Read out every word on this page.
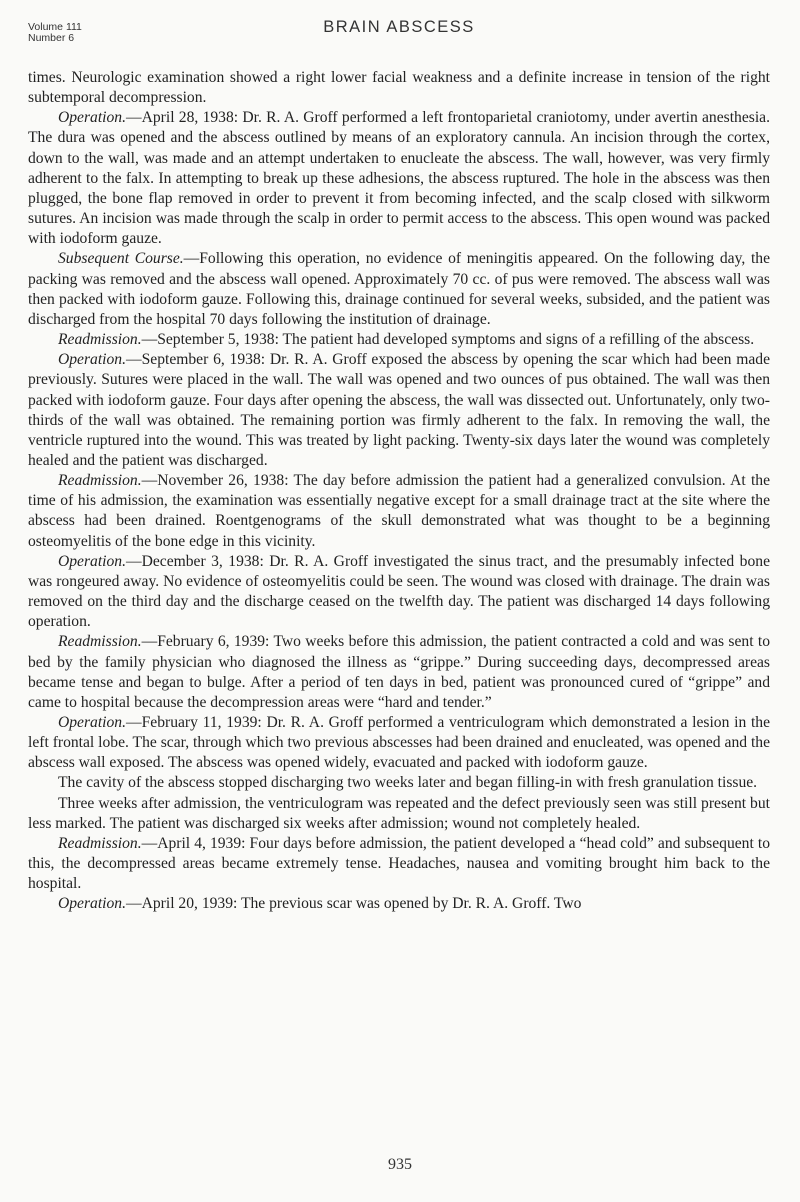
Volume 111
Number 6
BRAIN ABSCESS

times. Neurologic examination showed a right lower facial weakness and a definite increase in tension of the right subtemporal decompression.

Operation.—April 28, 1938: Dr. R. A. Groff performed a left frontoparietal craniotomy, under avertin anesthesia. The dura was opened and the abscess outlined by means of an exploratory cannula. An incision through the cortex, down to the wall, was made and an attempt undertaken to enucleate the abscess. The wall, however, was very firmly adherent to the falx. In attempting to break up these adhesions, the abscess ruptured. The hole in the abscess was then plugged, the bone flap removed in order to prevent it from becoming infected, and the scalp closed with silkworm sutures. An incision was made through the scalp in order to permit access to the abscess. This open wound was packed with iodoform gauze.

Subsequent Course.—Following this operation, no evidence of meningitis appeared. On the following day, the packing was removed and the abscess wall opened. Approximately 70 cc. of pus were removed. The abscess wall was then packed with iodoform gauze. Following this, drainage continued for several weeks, subsided, and the patient was discharged from the hospital 70 days following the institution of drainage.

Readmission.—September 5, 1938: The patient had developed symptoms and signs of a refilling of the abscess.

Operation.—September 6, 1938: Dr. R. A. Groff exposed the abscess by opening the scar which had been made previously. Sutures were placed in the wall. The wall was opened and two ounces of pus obtained. The wall was then packed with iodoform gauze. Four days after opening the abscess, the wall was dissected out. Unfortunately, only two-thirds of the wall was obtained. The remaining portion was firmly adherent to the falx. In removing the wall, the ventricle ruptured into the wound. This was treated by light packing. Twenty-six days later the wound was completely healed and the patient was discharged.

Readmission.—November 26, 1938: The day before admission the patient had a generalized convulsion. At the time of his admission, the examination was essentially negative except for a small drainage tract at the site where the abscess had been drained. Roentgenograms of the skull demonstrated what was thought to be a beginning osteomyelitis of the bone edge in this vicinity.

Operation.—December 3, 1938: Dr. R. A. Groff investigated the sinus tract, and the presumably infected bone was rongeured away. No evidence of osteomyelitis could be seen. The wound was closed with drainage. The drain was removed on the third day and the discharge ceased on the twelfth day. The patient was discharged 14 days following operation.

Readmission.—February 6, 1939: Two weeks before this admission, the patient contracted a cold and was sent to bed by the family physician who diagnosed the illness as “grippe.” During succeeding days, decompressed areas became tense and began to bulge. After a period of ten days in bed, patient was pronounced cured of “grippe” and came to hospital because the decompression areas were “hard and tender.”

Operation.—February 11, 1939: Dr. R. A. Groff performed a ventriculogram which demonstrated a lesion in the left frontal lobe. The scar, through which two previous abscesses had been drained and enucleated, was opened and the abscess wall exposed. The abscess was opened widely, evacuated and packed with iodoform gauze.

The cavity of the abscess stopped discharging two weeks later and began filling-in with fresh granulation tissue.

Three weeks after admission, the ventriculogram was repeated and the defect previously seen was still present but less marked. The patient was discharged six weeks after admission; wound not completely healed.

Readmission.—April 4, 1939: Four days before admission, the patient developed a “head cold” and subsequent to this, the decompressed areas became extremely tense. Headaches, nausea and vomiting brought him back to the hospital.

Operation.—April 20, 1939: The previous scar was opened by Dr. R. A. Groff. Two

935
